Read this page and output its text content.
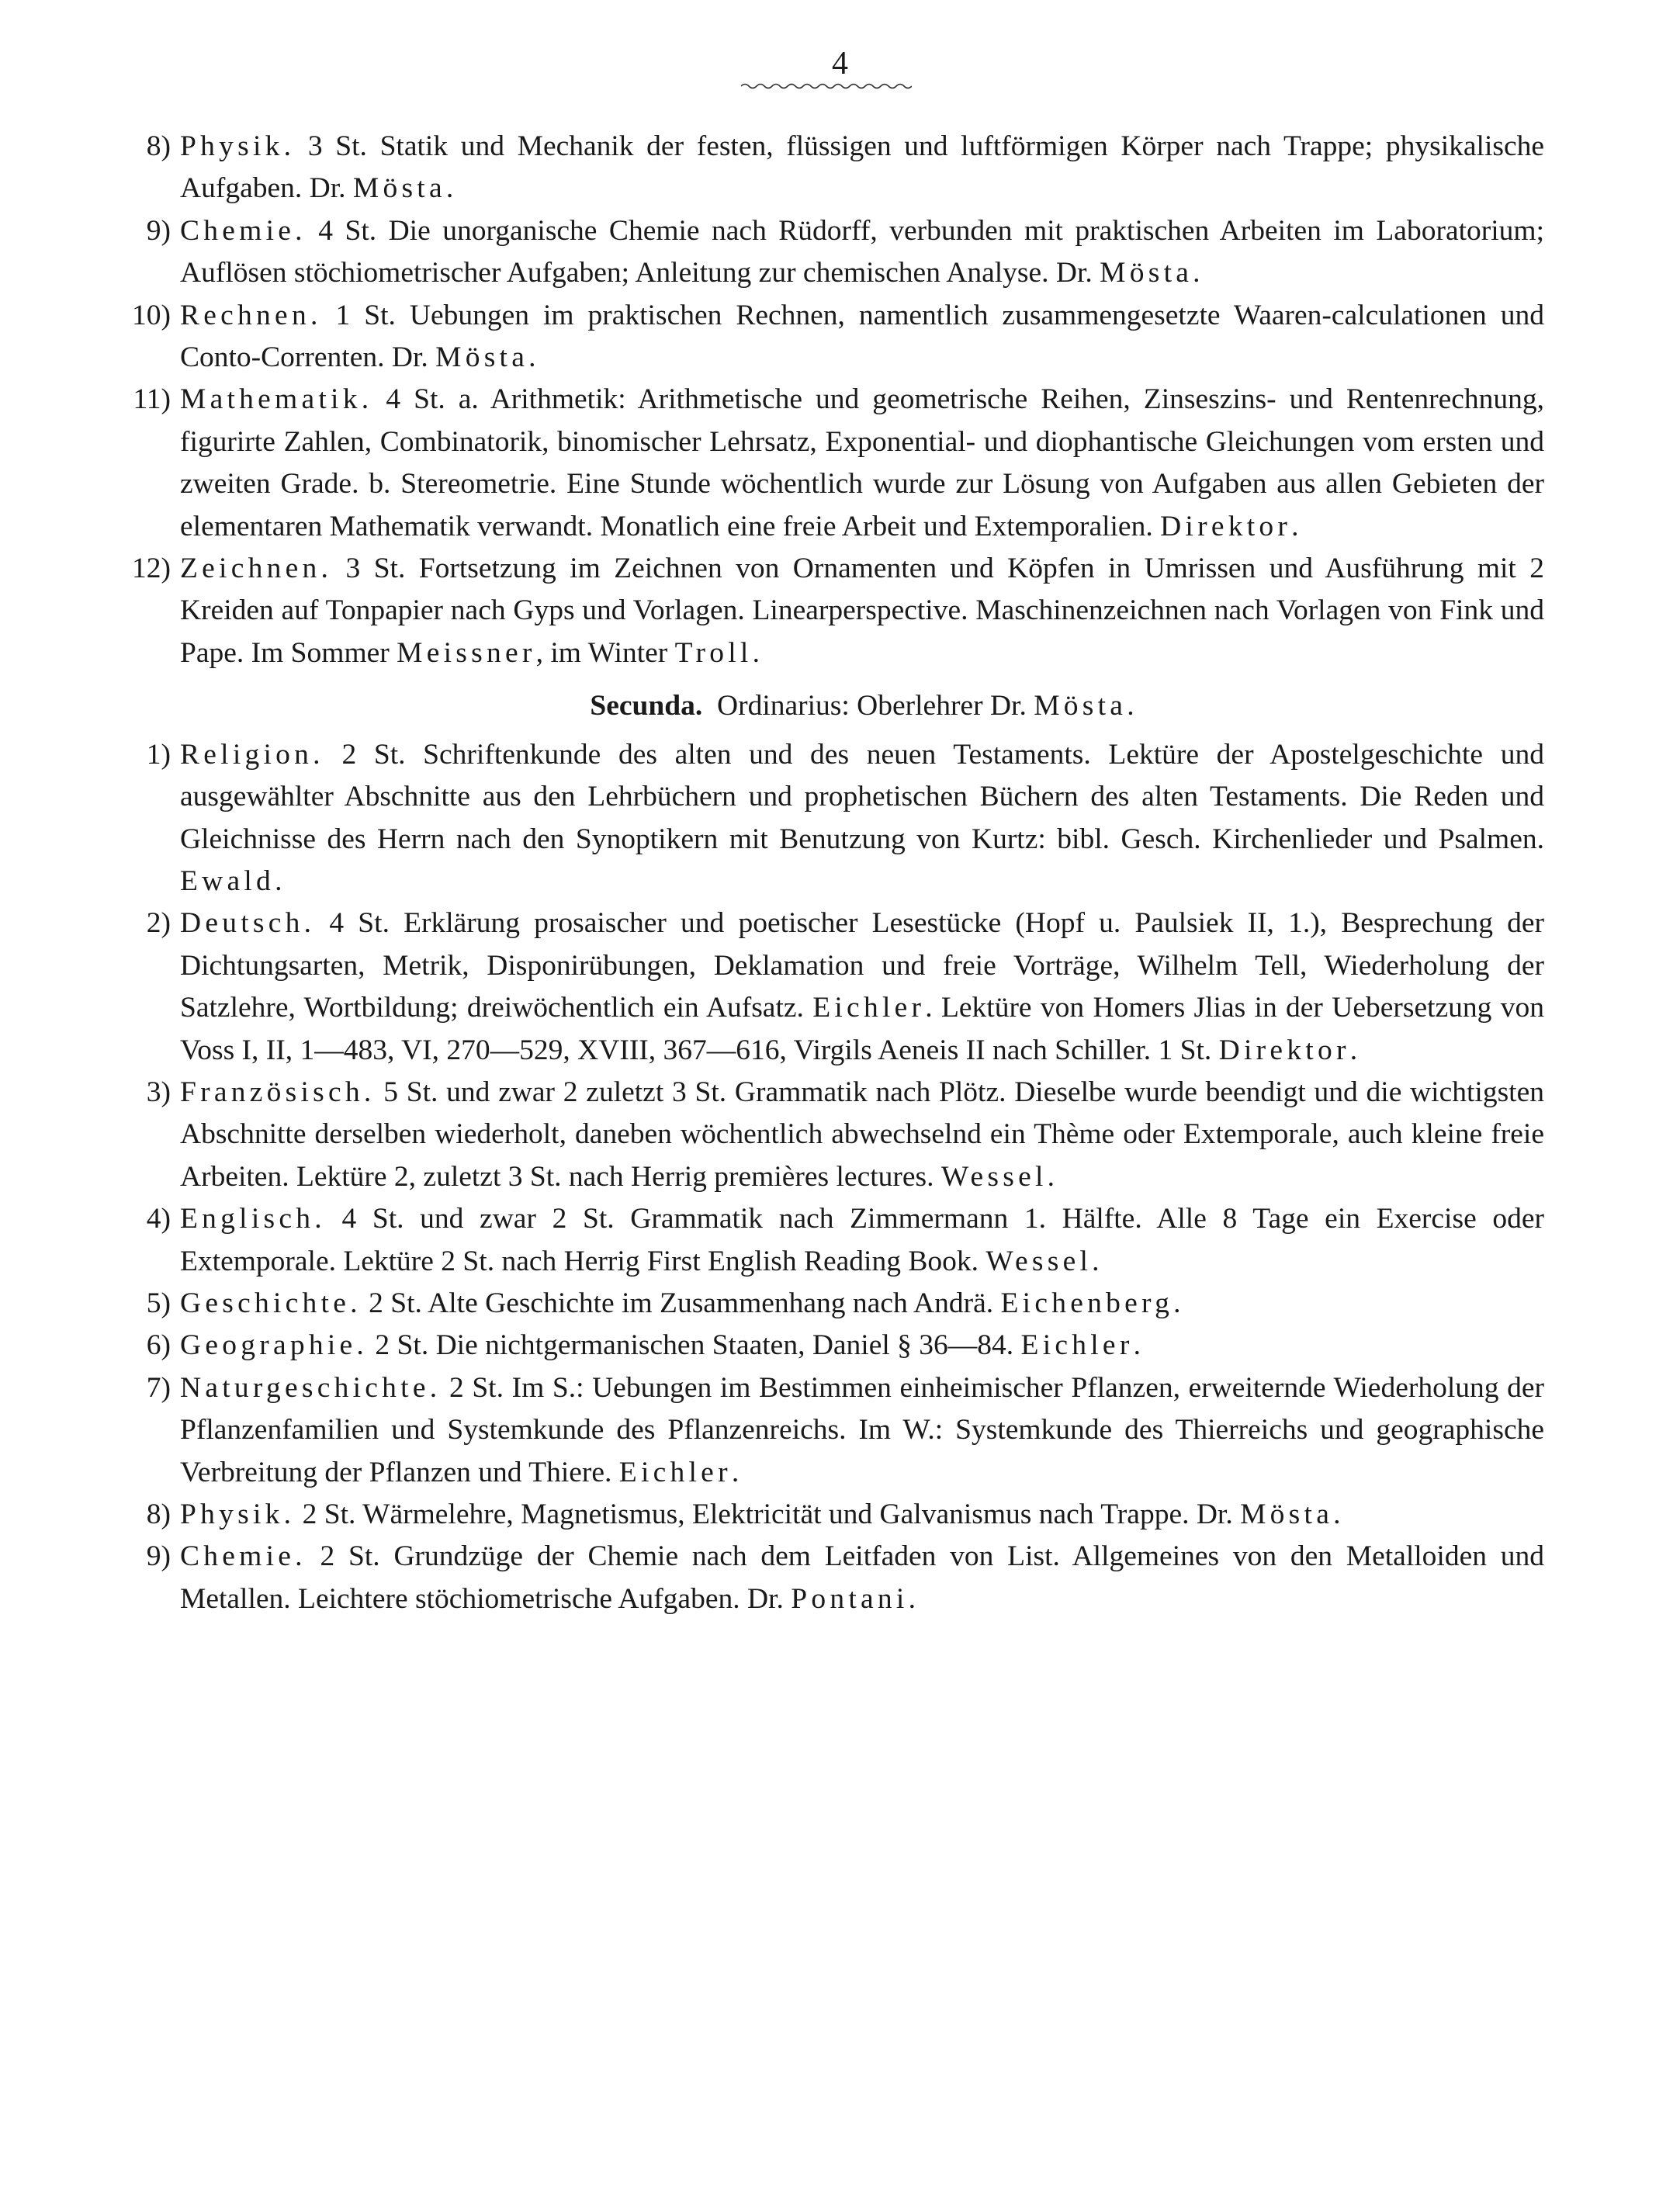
4
8) Physik. 3 St. Statik und Mechanik der festen, flüssigen und luftförmigen Körper nach Trappe; physikalische Aufgaben. Dr. Mösta.
9) Chemie. 4 St. Die unorganische Chemie nach Rüdorff, verbunden mit praktischen Arbeiten im Laboratorium; Auflösen stöchiometrischer Aufgaben; Anleitung zur chemischen Analyse. Dr. Mösta.
10) Rechnen. 1 St. Uebungen im praktischen Rechnen, namentlich zusammengesetzte Waaren-calculationen und Conto-Correnten. Dr. Mösta.
11) Mathematik. 4 St. a. Arithmetik: Arithmetische und geometrische Reihen, Zinseszins- und Rentenrechnung, figurirte Zahlen, Combinatorik, binomischer Lehrsatz, Exponential- und diophantische Gleichungen vom ersten und zweiten Grade. b. Stereometrie. Eine Stunde wöchentlich wurde zur Lösung von Aufgaben aus allen Gebieten der elementaren Mathematik verwandt. Monatlich eine freie Arbeit und Extemporalien. Direktor.
12) Zeichnen. 3 St. Fortsetzung im Zeichnen von Ornamenten und Köpfen in Umrissen und Ausführung mit 2 Kreiden auf Tonpapier nach Gyps und Vorlagen. Linearperspective. Maschinenzeichnen nach Vorlagen von Fink und Pape. Im Sommer Meissner, im Winter Troll.
Secunda. Ordinarius: Oberlehrer Dr. Mösta.
1) Religion. 2 St. Schriftenkunde des alten und des neuen Testaments. Lektüre der Apostelgeschichte und ausgewählter Abschnitte aus den Lehrbüchern und prophetischen Büchern des alten Testaments. Die Reden und Gleichnisse des Herrn nach den Synoptikern mit Benutzung von Kurtz: bibl. Gesch. Kirchenlieder und Psalmen. Ewald.
2) Deutsch. 4 St. Erklärung prosaischer und poetischer Lesestücke (Hopf u. Paulsiek II, 1.), Besprechung der Dichtungsarten, Metrik, Disponirübungen, Deklamation und freie Vorträge, Wilhelm Tell, Wiederholung der Satzlehre, Wortbildung; dreiwöchentlich ein Aufsatz. Eichler. Lektüre von Homers Jlias in der Uebersetzung von Voss I, II, 1—483, VI, 270—529, XVIII, 367—616, Virgils Aeneis II nach Schiller. 1 St. Direktor.
3) Französisch. 5 St. und zwar 2 zuletzt 3 St. Grammatik nach Plötz. Dieselbe wurde beendigt und die wichtigsten Abschnitte derselben wiederholt, daneben wöchentlich abwechselnd ein Thème oder Extemporale, auch kleine freie Arbeiten. Lektüre 2, zuletzt 3 St. nach Herrig premières lectures. Wessel.
4) Englisch. 4 St. und zwar 2 St. Grammatik nach Zimmermann 1. Hälfte. Alle 8 Tage ein Exercise oder Extemporale. Lektüre 2 St. nach Herrig First English Reading Book. Wessel.
5) Geschichte. 2 St. Alte Geschichte im Zusammenhang nach Andrä. Eichenberg.
6) Geographie. 2 St. Die nichtgermanischen Staaten, Daniel § 36—84. Eichler.
7) Naturgeschichte. 2 St. Im S.: Uebungen im Bestimmen einheimischer Pflanzen, erweiternde Wiederholung der Pflanzenfamilien und Systemkunde des Pflanzenreichs. Im W.: Systemkunde des Thierreichs und geographische Verbreitung der Pflanzen und Thiere. Eichler.
8) Physik. 2 St. Wärmelehre, Magnetismus, Elektricität und Galvanismus nach Trappe. Dr. Mösta.
9) Chemie. 2 St. Grundzüge der Chemie nach dem Leitfaden von List. Allgemeines von den Metalloiden und Metallen. Leichtere stöchiometrische Aufgaben. Dr. Pontani.
